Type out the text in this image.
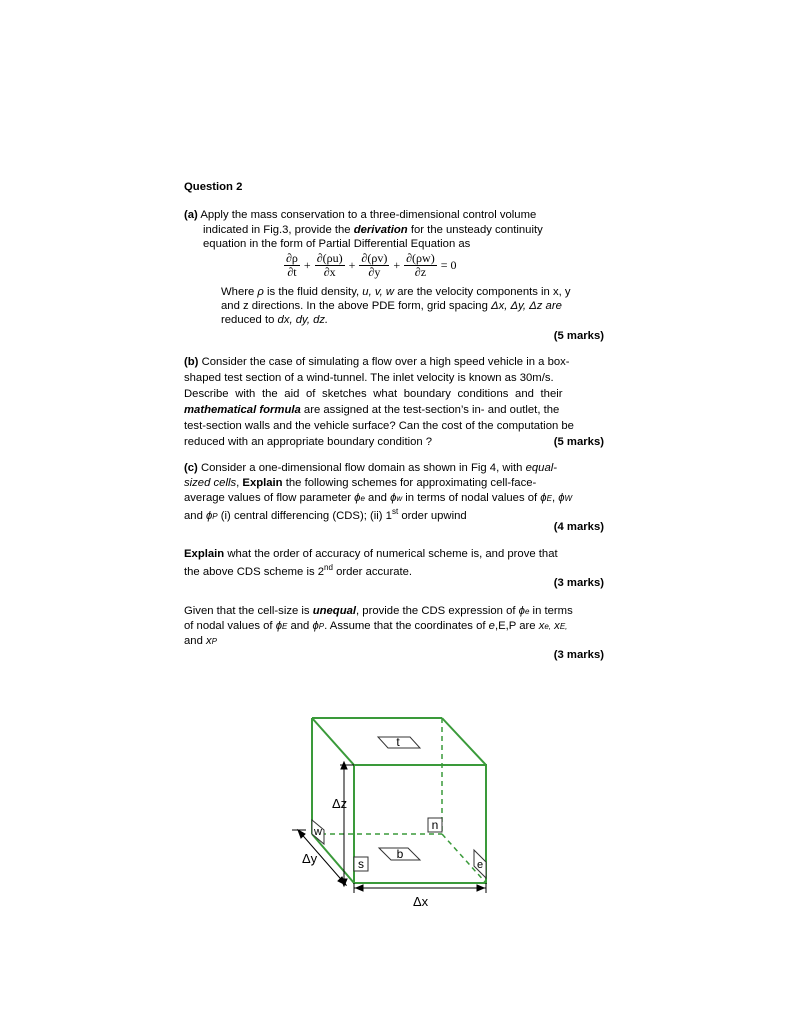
Question 2
(a) Apply the mass conservation to a three-dimensional control volume
indicated in Fig.3, provide the derivation for the unsteady continuity
equation in the form of Partial Differential Equation as
$\frac{\partial\rho}{\partial t} + \frac{\partial(\rho u)}{\partial x} + \frac{\partial(\rho v)}{\partial y} + \frac{\partial(\rho w)}{\partial z} = 0$
Where ρ is the fluid density, u, v, w are the velocity components in x, y
and z directions. In the above PDE form, grid spacing Δx, Δy, Δz are
reduced to dx, dy, dz.
(5 marks)
(b) Consider the case of simulating a flow over a high speed vehicle in a box-
shaped test section of a wind-tunnel. The inlet velocity is known as 30m/s.
Describe with the aid of sketches what boundary conditions and their
mathematical formula are assigned at the test-section’s in- and outlet, the
test-section walls and the vehicle surface? Can the cost of the computation be
reduced with an appropriate boundary condition ?	(5 marks)
(c) Consider a one-dimensional flow domain as shown in Fig 4, with equal-
sized cells, Explain the following schemes for approximating cell-face-
average values of flow parameter ϕe and ϕw in terms of nodal values of ϕE, ϕW
and ϕP (i) central differencing (CDS); (ii) 1st order upwind
(4 marks)
Explain what the order of accuracy of numerical scheme is, and prove that
the above CDS scheme is 2nd order accurate.
(3 marks)
Given that the cell-size is unequal, provide the CDS expression of ϕe in terms
of nodal values of ϕE and ϕP. Assume that the coordinates of e,E,P are xe, xE,
and xP
(3 marks)
t
b
n
s
w
e
Δz
Δy
Δx
